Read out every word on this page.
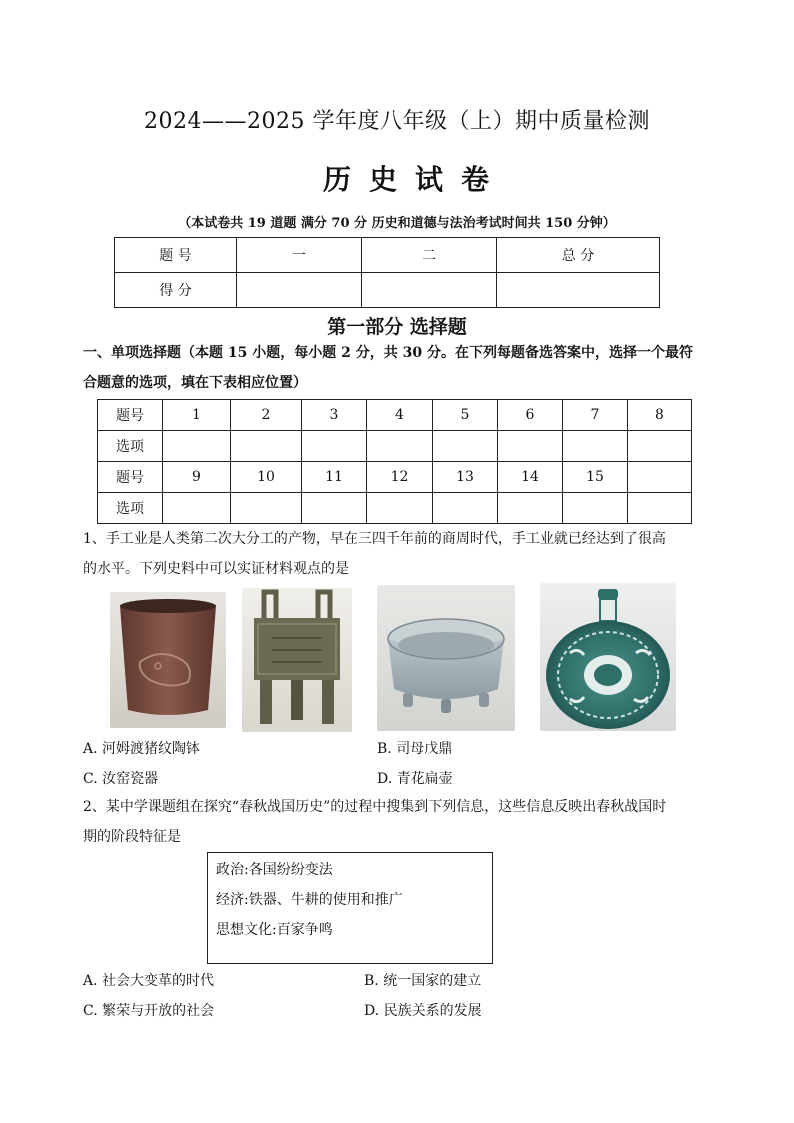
2024——2025 学年度八年级（上）期中质量检测
历史试卷
（本试卷共 19 道题 满分 70 分 历史和道德与法治考试时间共 150 分钟）
题 号	一	二	总 分
得 分			
第一部分 选择题
一、单项选择题（本题 15 小题，每小题 2 分，共 30 分。在下列每题备选答案中，选择一个最符
合题意的选项，填在下表相应位置）
题号	1	2	3	4	5	6	7	8
选项								
题号	9	10	11	12	13	14	15	
选项								
1、手工业是人类第二次大分工的产物，早在三四千年前的商周时代，手工业就已经达到了很高
的水平。下列史料中可以实证材料观点的是
A. 河姆渡猪纹陶钵	B. 司母戊鼎
C. 汝窑瓷器	D. 青花扁壶
2、某中学课题组在探究“春秋战国历史”的过程中搜集到下列信息，这些信息反映出春秋战国时
期的阶段特征是
政治:各国纷纷变法
经济:铁器、牛耕的使用和推广
思想文化:百家争鸣
A. 社会大变革的时代	B. 统一国家的建立
C. 繁荣与开放的社会	D. 民族关系的发展
